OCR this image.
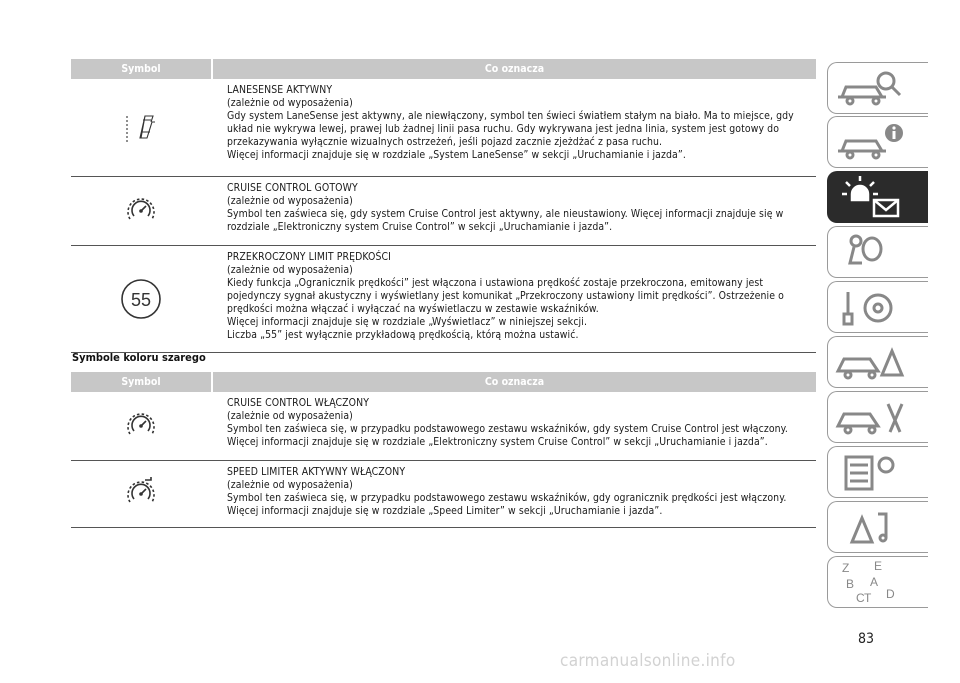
Symbol	Co oznacza
LANESENSE AKTYWNY
(zależnie od wyposażenia)
Gdy system LaneSense jest aktywny, ale niewłączony, symbol ten świeci światłem stałym na biało. Ma to miejsce, gdy układ nie wykrywa lewej, prawej lub żadnej linii pasa ruchu. Gdy wykrywana jest jedna linia, system jest gotowy do przekazywania wyłącznie wizualnych ostrzeżeń, jeśli pojazd zacznie zjeżdżać z pasa ruchu.
Więcej informacji znajduje się w rozdziale „System LaneSense” w sekcji „Uruchamianie i jazda”.
CRUISE CONTROL GOTOWY
(zależnie od wyposażenia)
Symbol ten zaświeca się, gdy system Cruise Control jest aktywny, ale nieustawiony. Więcej informacji znajduje się w rozdziale „Elektroniczny system Cruise Control” w sekcji „Uruchamianie i jazda”.
55
PRZEKROCZONY LIMIT PRĘDKOŚCI
(zależnie od wyposażenia)
Kiedy funkcja „Ogranicznik prędkości” jest włączona i ustawiona prędkość zostaje przekroczona, emitowany jest pojedynczy sygnał akustyczny i wyświetlany jest komunikat „Przekroczony ustawiony limit prędkości”. Ostrzeżenie o prędkości można włączać i wyłączać na wyświetlaczu w zestawie wskaźników.
Więcej informacji znajduje się w rozdziale „Wyświetlacz” w niniejszej sekcji.
Liczba „55” jest wyłącznie przykładową prędkością, którą można ustawić.
Symbole koloru szarego
Symbol	Co oznacza
CRUISE CONTROL WŁĄCZONY
(zależnie od wyposażenia)
Symbol ten zaświeca się, w przypadku podstawowego zestawu wskaźników, gdy system Cruise Control jest włączony.
Więcej informacji znajduje się w rozdziale „Elektroniczny system Cruise Control” w sekcji „Uruchamianie i jazda”.
SPEED LIMITER AKTYWNY WŁĄCZONY
(zależnie od wyposażenia)
Symbol ten zaświeca się, w przypadku podstawowego zestawu wskaźników, gdy ogranicznik prędkości jest włączony.
Więcej informacji znajduje się w rozdziale „Speed Limiter” w sekcji „Uruchamianie i jazda”.
Z E
B A
C T D
83
carmanualsonline.info
